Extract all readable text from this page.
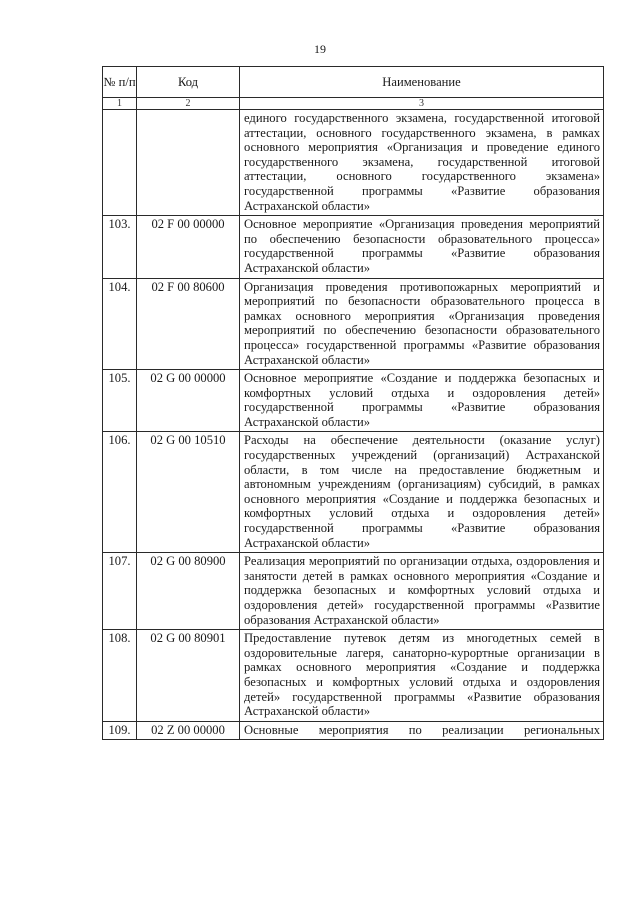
19
№ п/п	Код	Наименование
1	2	3
		единого государственного экзамена, государственной итоговой аттестации, основного государственного экзамена, в рамках основного мероприятия «Организация и проведение единого государственного экзамена, государственной итоговой аттестации, основного государственного экзамена» государственной программы «Развитие образования Астраханской области»
103.	02 F 00 00000	Основное мероприятие «Организация проведения мероприятий по обеспечению безопасности образовательного процесса» государственной программы «Развитие образования Астраханской области»
104.	02 F 00 80600	Организация проведения противопожарных мероприятий и мероприятий по безопасности образовательного процесса в рамках основного мероприятия «Организация проведения мероприятий по обеспечению безопасности образовательного процесса» государственной программы «Развитие образования Астраханской области»
105.	02 G 00 00000	Основное мероприятие «Создание и поддержка безопасных и комфортных условий отдыха и оздоровления детей» государственной программы «Развитие образования Астраханской области»
106.	02 G 00 10510	Расходы на обеспечение деятельности (оказание услуг) государственных учреждений (организаций) Астраханской области, в том числе на предоставление бюджетным и автономным учреждениям (организациям) субсидий, в рамках основного мероприятия «Создание и поддержка безопасных и комфортных условий отдыха и оздоровления детей» государственной программы «Развитие образования Астраханской области»
107.	02 G 00 80900	Реализация мероприятий по организации отдыха, оздоровления и занятости детей в рамках основного мероприятия «Создание и поддержка безопасных и комфортных условий отдыха и оздоровления детей» государственной программы «Развитие образования Астраханской области»
108.	02 G 00 80901	Предоставление путевок детям из многодетных семей в оздоровительные лагеря, санаторно-курортные организации в рамках основного мероприятия «Создание и поддержка безопасных и комфортных условий отдыха и оздоровления детей» государственной программы «Развитие образования Астраханской области»
109.	02 Z 00 00000	Основные мероприятия по реализации региональных
